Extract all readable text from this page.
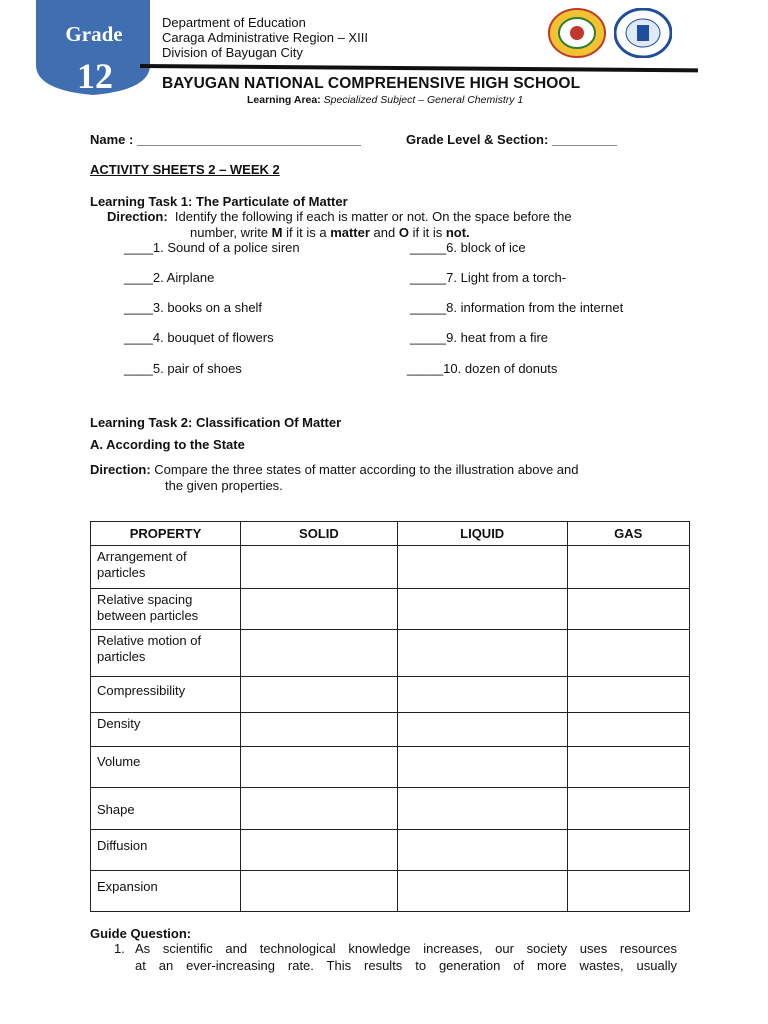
Grade
12
Department of Education
Caraga Administrative Region – XIII
Division of Bayugan City
BAYUGAN NATIONAL COMPREHENSIVE HIGH SCHOOL
Learning Area: Specialized Subject – General Chemistry 1
Name : _______________________________	Grade Level & Section: _________
ACTIVITY SHEETS 2 – WEEK 2
Learning Task 1: The Particulate of Matter
Direction: Identify the following if each is matter or not. On the space before the
number, write M if it is a matter and O if it is not.
____1. Sound of a police siren
____2. Airplane
____3. books on a shelf
____4. bouquet of flowers
____5. pair of shoes
_____6. block of ice
_____7. Light from a torch-
_____8. information from the internet
_____9. heat from a fire
_____10. dozen of donuts
Learning Task 2: Classification Of Matter
A. According to the State
Direction: Compare the three states of matter according to the illustration above and
the given properties.
PROPERTY	SOLID	LIQUID	GAS
Arrangement of particles			
Relative spacing between particles			
Relative motion of particles			
Compressibility			
Density			
Volume			
Shape			
Diffusion			
Expansion			
Guide Question:
1. As scientific and technological knowledge increases, our society uses resources
at an ever-increasing rate. This results to generation of more wastes, usually
